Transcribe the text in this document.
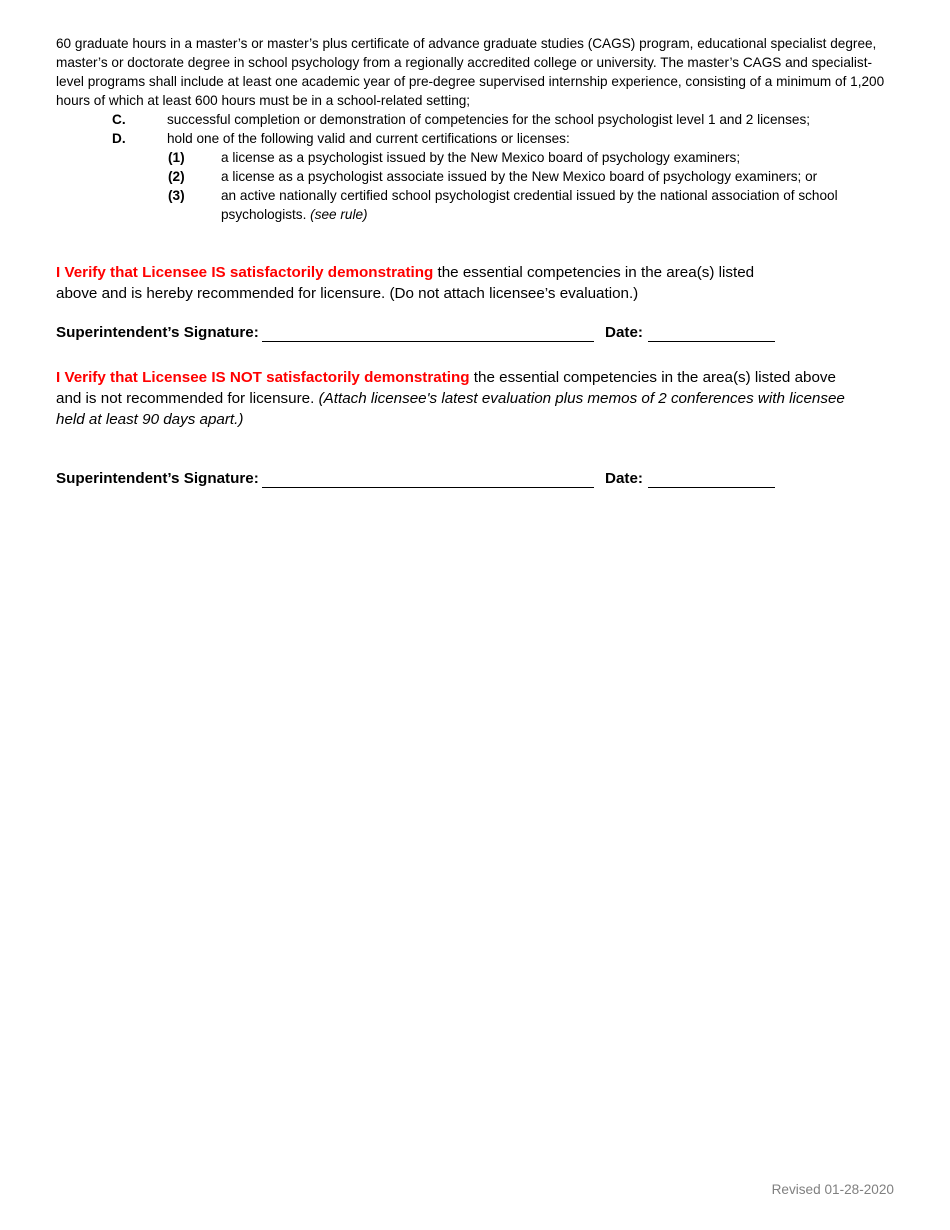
60 graduate hours in a master’s or master’s plus certificate of advance graduate studies (CAGS) program, educational specialist degree, master’s or doctorate degree in school psychology from a regionally accredited college or university. The master’s CAGS and specialist-level programs shall include at least one academic year of pre-degree supervised internship experience, consisting of a minimum of 1,200 hours of which at least 600 hours must be in a school-related setting;
C.	successful completion or demonstration of competencies for the school psychologist level 1 and 2 licenses;
D.	hold one of the following valid and current certifications or licenses:
(1)	a license as a psychologist issued by the New Mexico board of psychology examiners;
(2)	a license as a psychologist associate issued by the New Mexico board of psychology examiners; or
(3)	an active nationally certified school psychologist credential issued by the national association of school psychologists. (see rule)
I Verify that Licensee IS satisfactorily demonstrating the essential competencies in the area(s) listed above and is hereby recommended for licensure. (Do not attach licensee’s evaluation.)
Superintendent’s Signature:	Date:
I Verify that Licensee IS NOT satisfactorily demonstrating the essential competencies in the area(s) listed above and is not recommended for licensure. (Attach licensee's latest evaluation plus memos of 2 conferences with licensee held at least 90 days apart.)
Superintendent’s Signature:	Date:
Revised 01-28-2020
